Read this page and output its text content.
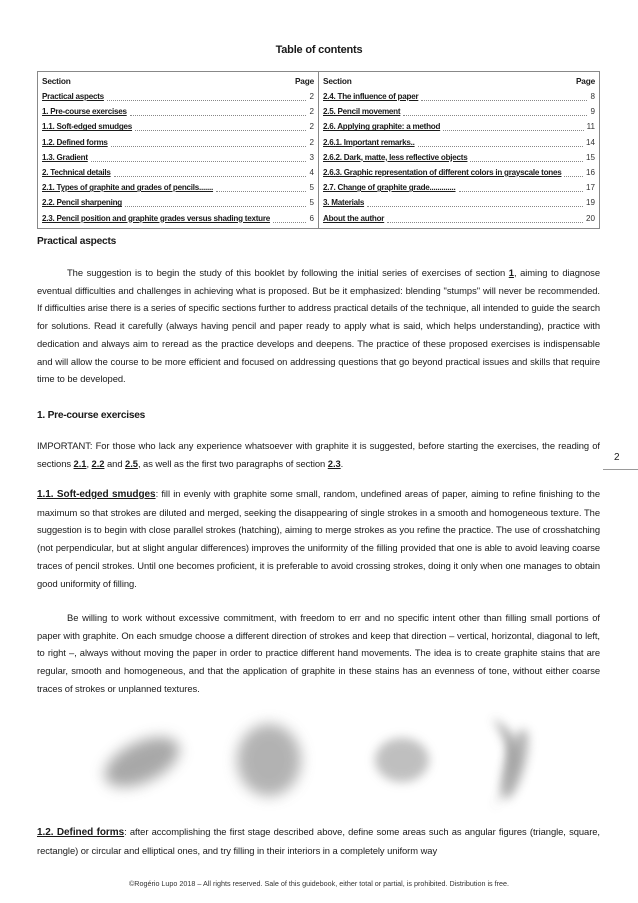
Table of contents
Section	Page
Practical aspects	2
1. Pre-course exercises	2
1.1. Soft-edged smudges	2
1.2. Defined forms	2
1.3. Gradient	3
2. Technical details	4
2.1. Types of graphite and grades of pencils.......	5
2.2. Pencil sharpening	5
2.3. Pencil position and graphite grades versus shading texture	6
Section	Page
2.4. The influence of paper	8
2.5. Pencil movement	9
2.6. Applying graphite: a method	11
2.6.1. Important remarks..	14
2.6.2. Dark, matte, less reflective objects	15
2.6.3. Graphic representation of different colors in grayscale tones	16
2.7. Change of graphite grade.............	17
3. Materials	19
About the author	20
Practical aspects
The suggestion is to begin the study of this booklet by following the initial series of exercises of section 1, aiming to diagnose eventual difficulties and challenges in achieving what is proposed. But be it emphasized: blending "stumps" will never be recommended. If difficulties arise there is a series of specific sections further to address practical details of the technique, all intended to guide the search for solutions. Read it carefully (always having pencil and paper ready to apply what is said, which helps understanding), practice with dedication and always aim to reread as the practice develops and deepens. The practice of these proposed exercises is indispensable and will allow the course to be more efficient and focused on addressing questions that go beyond practical issues and skills that require time to be developed.
1. Pre-course exercises
IMPORTANT: For those who lack any experience whatsoever with graphite it is suggested, before starting the exercises, the reading of sections 2.1, 2.2 and 2.5, as well as the first two paragraphs of section 2.3.
1.1. Soft-edged smudges: fill in evenly with graphite some small, random, undefined areas of paper, aiming to refine finishing to the maximum so that strokes are diluted and merged, seeking the disappearing of single strokes in a smooth and homogeneous texture. The suggestion is to begin with close parallel strokes (hatching), aiming to merge strokes as you refine the practice. The use of crosshatching (not perpendicular, but at slight angular differences) improves the uniformity of the filling provided that one is able to avoid leaving coarse traces of pencil strokes. Until one becomes proficient, it is preferable to avoid crossing strokes, doing it only when one manages to obtain good uniformity of filling.
Be willing to work without excessive commitment, with freedom to err and no specific intent other than filling small portions of paper with graphite. On each smudge choose a different direction of strokes and keep that direction – vertical, horizontal, diagonal to left, to right –, always without moving the paper in order to practice different hand movements. The idea is to create graphite stains that are regular, smooth and homogeneous, and that the application of graphite in these stains has an evenness of tone, without either coarse traces of strokes or unplanned textures.
1.2. Defined forms: after accomplishing the first stage described above, define some areas such as angular figures (triangle, square, rectangle) or circular and elliptical ones, and try filling in their interiors in a completely uniform way
2
©Rogério Lupo 2018 – All rights reserved. Sale of this guidebook, either total or partial, is prohibited. Distribution is free.
